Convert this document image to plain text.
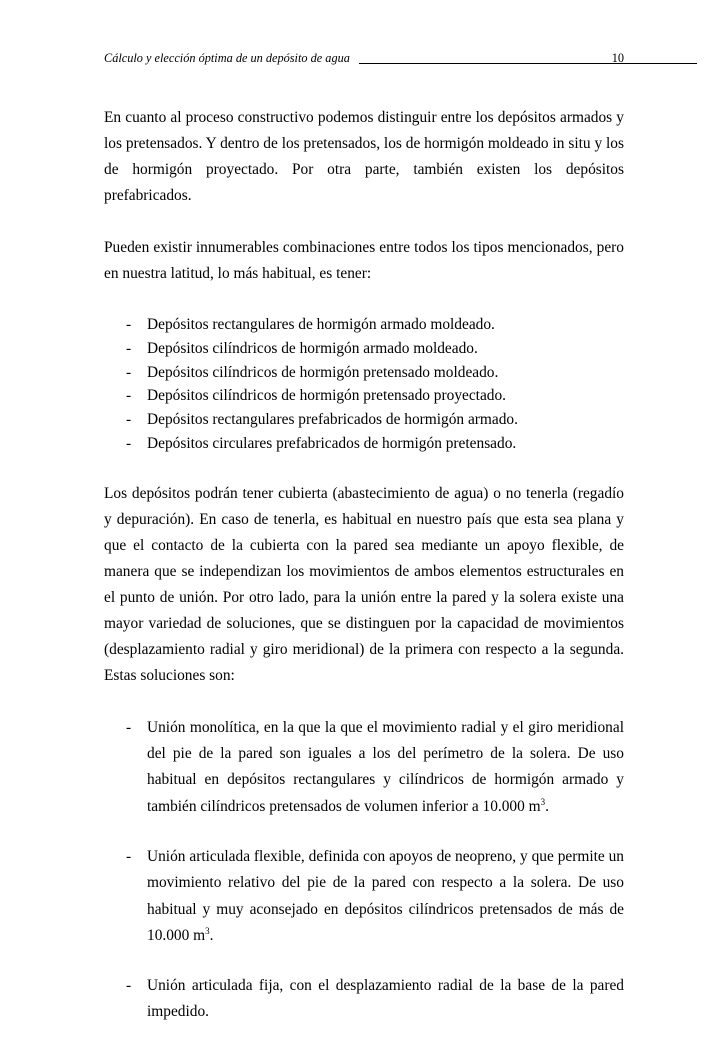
Cálculo y elección óptima de un depósito de agua	10

En cuanto al proceso constructivo podemos distinguir entre los depósitos armados y los pretensados. Y dentro de los pretensados, los de hormigón moldeado in situ y los de hormigón proyectado. Por otra parte, también existen los depósitos prefabricados.

Pueden existir innumerables combinaciones entre todos los tipos mencionados, pero en nuestra latitud, lo más habitual, es tener:

- Depósitos rectangulares de hormigón armado moldeado.
- Depósitos cilíndricos de hormigón armado moldeado.
- Depósitos cilíndricos de hormigón pretensado moldeado.
- Depósitos cilíndricos de hormigón pretensado proyectado.
- Depósitos rectangulares prefabricados de hormigón armado.
- Depósitos circulares prefabricados de hormigón pretensado.

Los depósitos podrán tener cubierta (abastecimiento de agua) o no tenerla (regadío y depuración). En caso de tenerla, es habitual en nuestro país que esta sea plana y que el contacto de la cubierta con la pared sea mediante un apoyo flexible, de manera que se independizan los movimientos de ambos elementos estructurales en el punto de unión. Por otro lado, para la unión entre la pared y la solera existe una mayor variedad de soluciones, que se distinguen por la capacidad de movimientos (desplazamiento radial y giro meridional) de la primera con respecto a la segunda. Estas soluciones son:

- Unión monolítica, en la que la que el movimiento radial y el giro meridional del pie de la pared son iguales a los del perímetro de la solera. De uso habitual en depósitos rectangulares y cilíndricos de hormigón armado y también cilíndricos pretensados de volumen inferior a 10.000 $m^3$.
- Unión articulada flexible, definida con apoyos de neopreno, y que permite un movimiento relativo del pie de la pared con respecto a la solera. De uso habitual y muy aconsejado en depósitos cilíndricos pretensados de más de 10.000 $m^3$.
- Unión articulada fija, con el desplazamiento radial de la base de la pared impedido.
